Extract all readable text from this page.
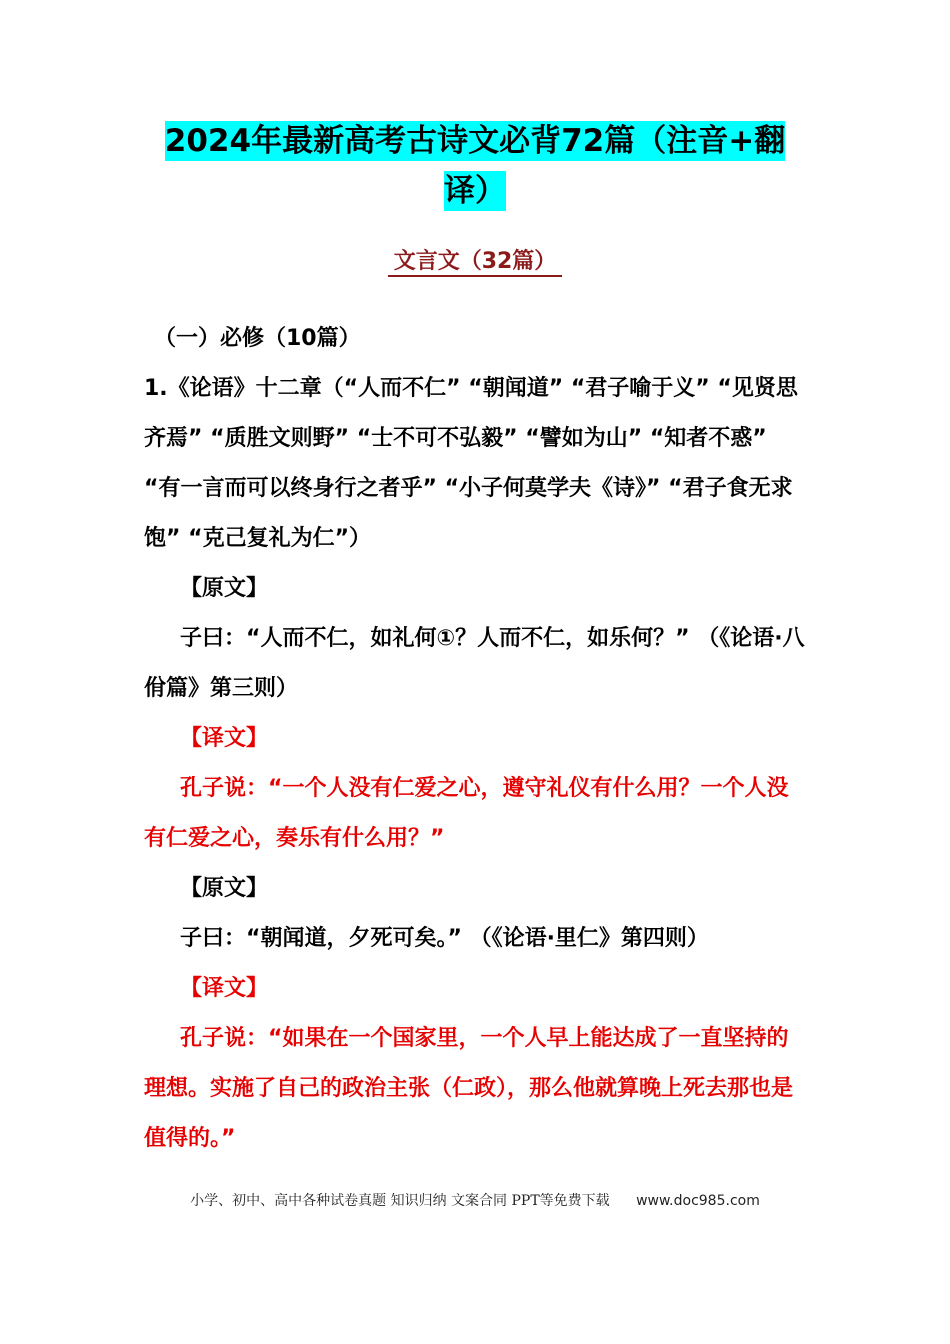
2024年最新高考古诗文必背72篇（注音+翻
译）
文言文（32篇）

（一）必修（10篇）

1.《论语》十二章（“人而不仁” “朝闻道” “君子喻于义” “见贤思齐焉” “质胜文则野” “士不可不弘毅” “譬如为山” “知者不惑” “有一言而可以终身行之者乎” “小子何莫学夫《诗》” “君子食无求饱” “克己复礼为仁”）

【原文】

子曰：“人而不仁，如礼何①？人而不仁，如乐何？” （《论语·八佾篇》第三则）

【译文】

孔子说：“一个人没有仁爱之心，遵守礼仪有什么用？一个人没有仁爱之心，奏乐有什么用？”

【原文】

子曰：“朝闻道，夕死可矣。” （《论语·里仁》第四则）

【译文】

孔子说：“如果在一个国家里，一个人早上能达成了一直坚持的理想。实施了自己的政治主张（仁政），那么他就算晚上死去那也是值得的。”

小学、初中、高中各种试卷真题 知识归纳 文案合同 PPT等免费下载 www.doc985.com
